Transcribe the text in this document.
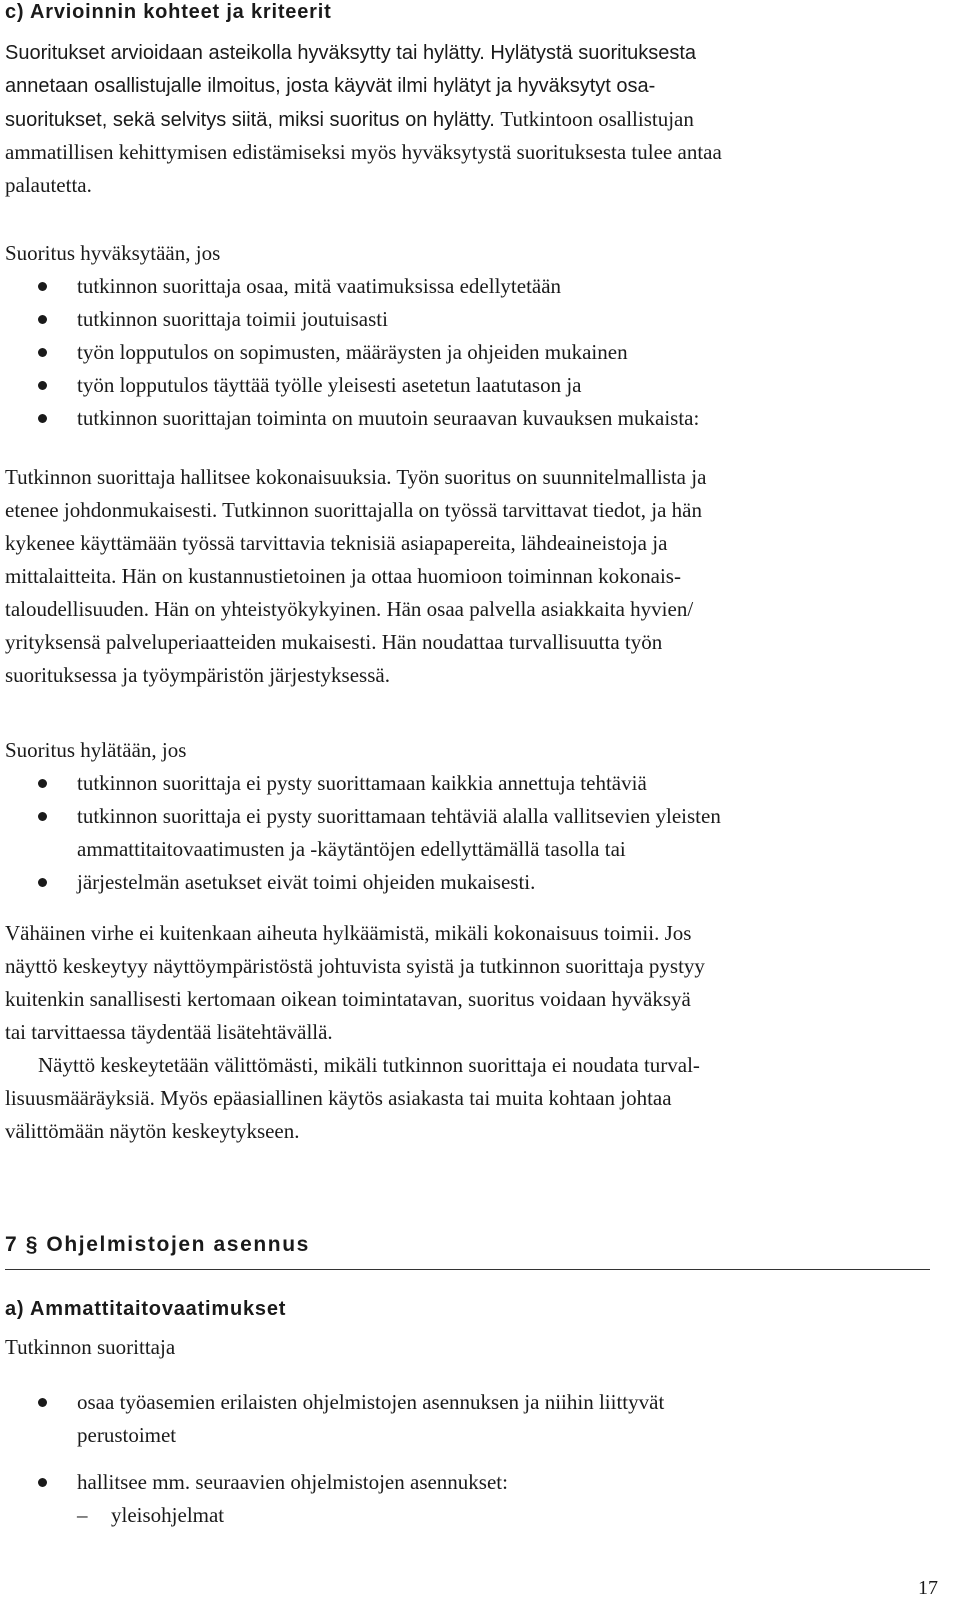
c) Arvioinnin kohteet ja kriteerit
Suoritukset arvioidaan asteikolla hyväksytty tai hylätty. Hylätystä suorituksesta
annetaan osallistujalle ilmoitus, josta käyvät ilmi hylätyt ja hyväksytyt osa-
suoritukset, sekä selvitys siitä, miksi suoritus on hylätty. Tutkintoon osallistujan
ammatillisen kehittymisen edistämiseksi myös hyväksytystä suorituksesta tulee antaa
palautetta.

Suoritus hyväksytään, jos

tutkinnon suorittaja osaa, mitä vaatimuksissa edellytetään
tutkinnon suorittaja toimii joutuisasti
työn lopputulos on sopimusten, määräysten ja ohjeiden mukainen
työn lopputulos täyttää työlle yleisesti asetetun laatutason ja
tutkinnon suorittajan toiminta on muutoin seuraavan kuvauksen mukaista:
Tutkinnon suorittaja hallitsee kokonaisuuksia. Työn suoritus on suunnitelmallista ja
etenee johdonmukaisesti. Tutkinnon suorittajalla on työssä tarvittavat tiedot, ja hän
kykenee käyttämään työssä tarvittavia teknisiä asiapapereita, lähdeaineistoja ja
mittalaitteita. Hän on kustannustietoinen ja ottaa huomioon toiminnan kokonais-
taloudellisuuden. Hän on yhteistyökykyinen. Hän osaa palvella asiakkaita hyvien/
yrityksensä palveluperiaatteiden mukaisesti. Hän noudattaa turvallisuutta työn
suorituksessa ja työympäristön järjestyksessä.

Suoritus hylätään, jos

tutkinnon suorittaja ei pysty suorittamaan kaikkia annettuja tehtäviä
tutkinnon suorittaja ei pysty suorittamaan tehtäviä alalla vallitsevien yleisten
ammattitaitovaatimusten ja -käytäntöjen edellyttämällä tasolla tai
järjestelmän asetukset eivät toimi ohjeiden mukaisesti.
Vähäinen virhe ei kuitenkaan aiheuta hylkäämistä, mikäli kokonaisuus toimii. Jos
näyttö keskeytyy näyttöympäristöstä johtuvista syistä ja tutkinnon suorittaja pystyy
kuitenkin sanallisesti kertomaan oikean toimintatavan, suoritus voidaan hyväksyä
tai tarvittaessa täydentää lisätehtävällä.
Näyttö keskeytetään välittömästi, mikäli tutkinnon suorittaja ei noudata turval-
lisuusmääräyksiä. Myös epäasiallinen käytös asiakasta tai muita kohtaan johtaa
välittömään näytön keskeytykseen.
7 § Ohjelmistojen asennus
a) Ammattitaitovaatimukset

Tutkinnon suorittaja

osaa työasemien erilaisten ohjelmistojen asennuksen ja niihin liittyvät
perustoimet
hallitsee mm. seuraavien ohjelmistojen asennukset:
– yleisohjelmat
17
